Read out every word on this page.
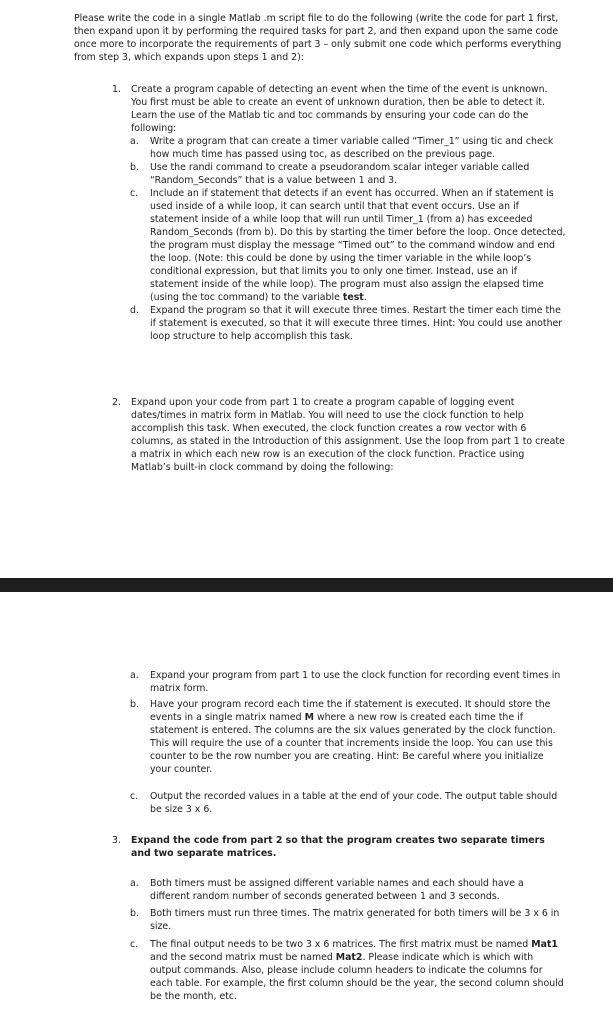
Please write the code in a single Matlab .m script file to do the following (write the code for part 1 first, then expand upon it by performing the required tasks for part 2, and then expand upon the same code once more to incorporate the requirements of part 3 – only submit one code which performs everything from step 3, which expands upon steps 1 and 2):

1.	Create a program capable of detecting an event when the time of the event is unknown. You first must be able to create an event of unknown duration, then be able to detect it. Learn the use of the Matlab tic and toc commands by ensuring your code can do the following:

a.	Write a program that can create a timer variable called “Timer_1” using tic and check how much time has passed using toc, as described on the previous page.

b.	Use the randi command to create a pseudorandom scalar integer variable called “Random_Seconds” that is a value between 1 and 3.

c.	Include an if statement that detects if an event has occurred. When an if statement is used inside of a while loop, it can search until that that event occurs. Use an if statement inside of a while loop that will run until Timer_1 (from a) has exceeded Random_Seconds (from b). Do this by starting the timer before the loop. Once detected, the program must display the message “Timed out” to the command window and end the loop. (Note: this could be done by using the timer variable in the while loop’s conditional expression, but that limits you to only one timer. Instead, use an if statement inside of the while loop). The program must also assign the elapsed time (using the toc command) to the variable test.

d.	Expand the program so that it will execute three times. Restart the timer each time the if statement is executed, so that it will execute three times. Hint: You could use another loop structure to help accomplish this task.

2.	Expand upon your code from part 1 to create a program capable of logging event dates/times in matrix form in Matlab. You will need to use the clock function to help accomplish this task. When executed, the clock function creates a row vector with 6 columns, as stated in the Introduction of this assignment. Use the loop from part 1 to create a matrix in which each new row is an execution of the clock function. Practice using Matlab’s built-in clock command by doing the following:

a.	Expand your program from part 1 to use the clock function for recording event times in matrix form.

b.	Have your program record each time the if statement is executed. It should store the events in a single matrix named M where a new row is created each time the if statement is entered. The columns are the six values generated by the clock function. This will require the use of a counter that increments inside the loop. You can use this counter to be the row number you are creating. Hint: Be careful where you initialize your counter.

c.	Output the recorded values in a table at the end of your code. The output table should be size 3 x 6.

3.	Expand the code from part 2 so that the program creates two separate timers and two separate matrices.

a.	Both timers must be assigned different variable names and each should have a different random number of seconds generated between 1 and 3 seconds.

b.	Both timers must run three times. The matrix generated for both timers will be 3 x 6 in size.

c.	The final output needs to be two 3 x 6 matrices. The first matrix must be named Mat1 and the second matrix must be named Mat2. Please indicate which is which with output commands. Also, please include column headers to indicate the columns for each table. For example, the first column should be the year, the second column should be the month, etc.
